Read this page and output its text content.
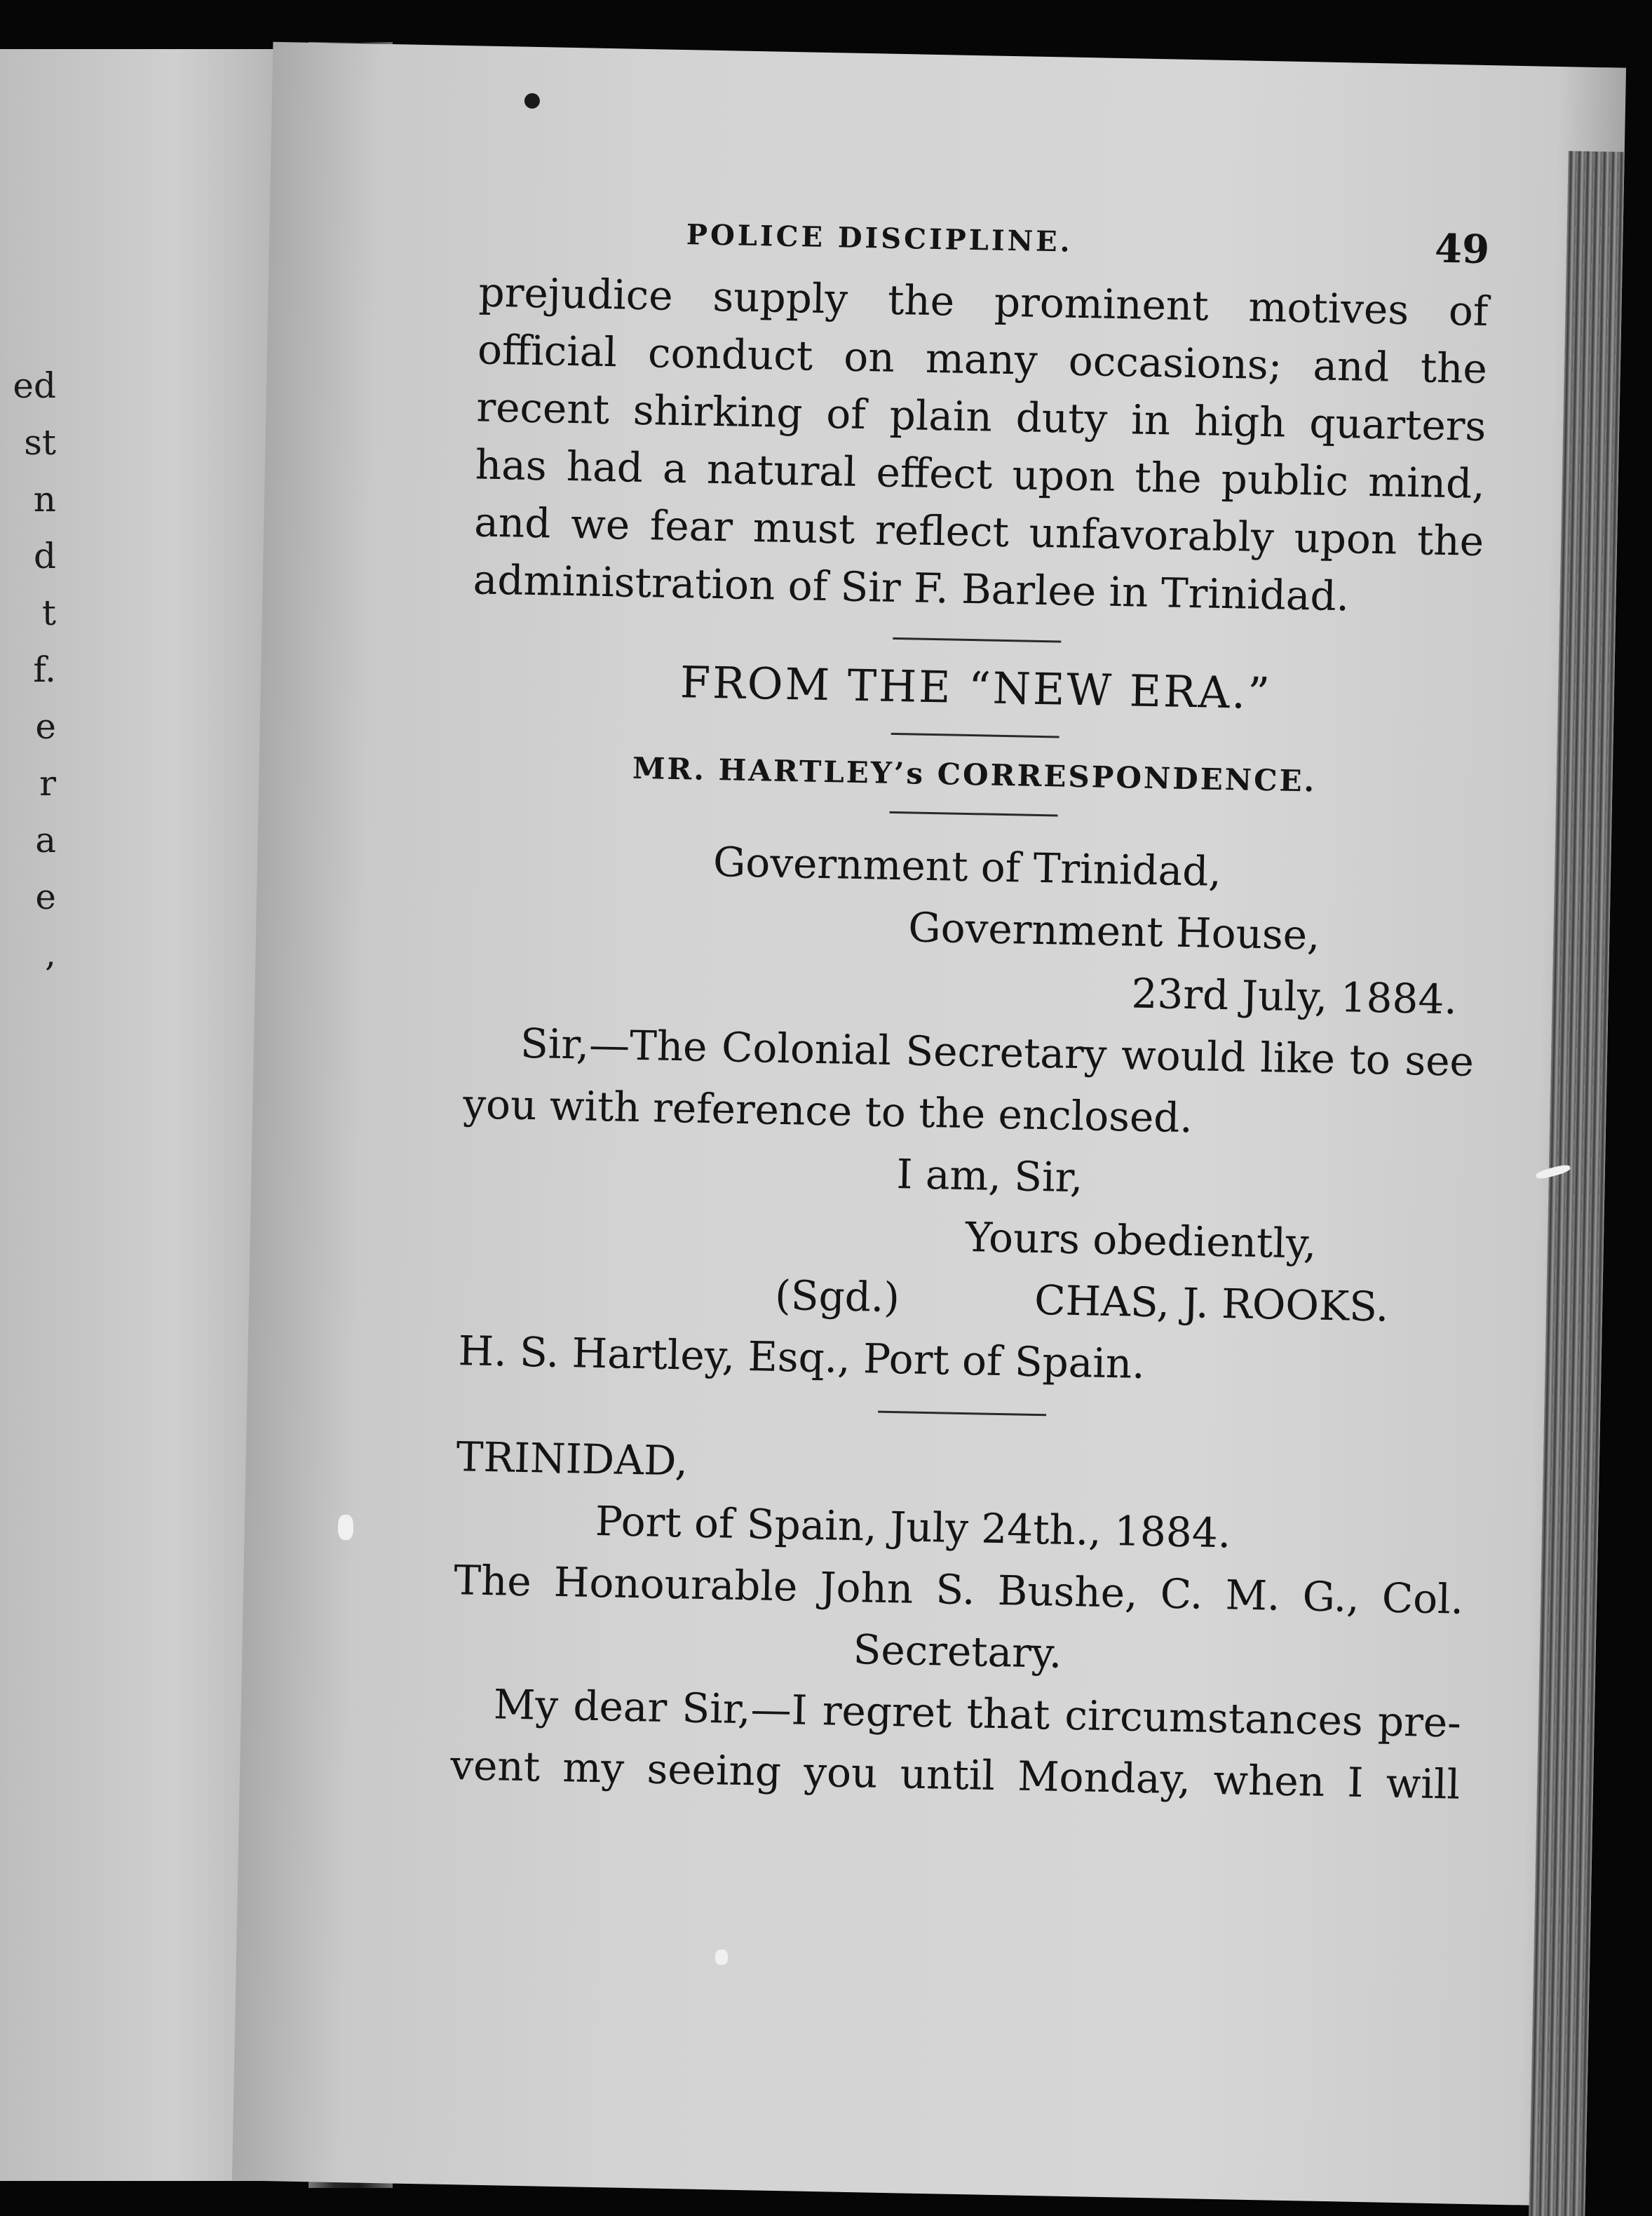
ed
st
n
d
t
f.
e
r
a
e
,
POLICE DISCIPLINE.	49

prejudice supply the prominent motives of
official conduct on many occasions; and the
recent shirking of plain duty in high quarters
has had a natural effect upon the public mind,
and we fear must reflect unfavorably upon the
administration of Sir F. Barlee in Trinidad.

FROM THE “NEW ERA.”
MR. HARTLEY’s CORRESPONDENCE.
Government of Trinidad,
Government House,
23rd July, 1884.
Sir,—The Colonial Secretary would like to see
you with reference to the enclosed.
I am, Sir,
Yours obediently,
(Sgd.)	CHAS, J. ROOKS.
H. S. Hartley, Esq., Port of Spain.
TRINIDAD,
Port of Spain, July 24th., 1884.
The Honourable John S. Bushe, C. M. G., Col.
Secretary.
My dear Sir,—I regret that circumstances pre-
vent my seeing you until Monday, when I will
